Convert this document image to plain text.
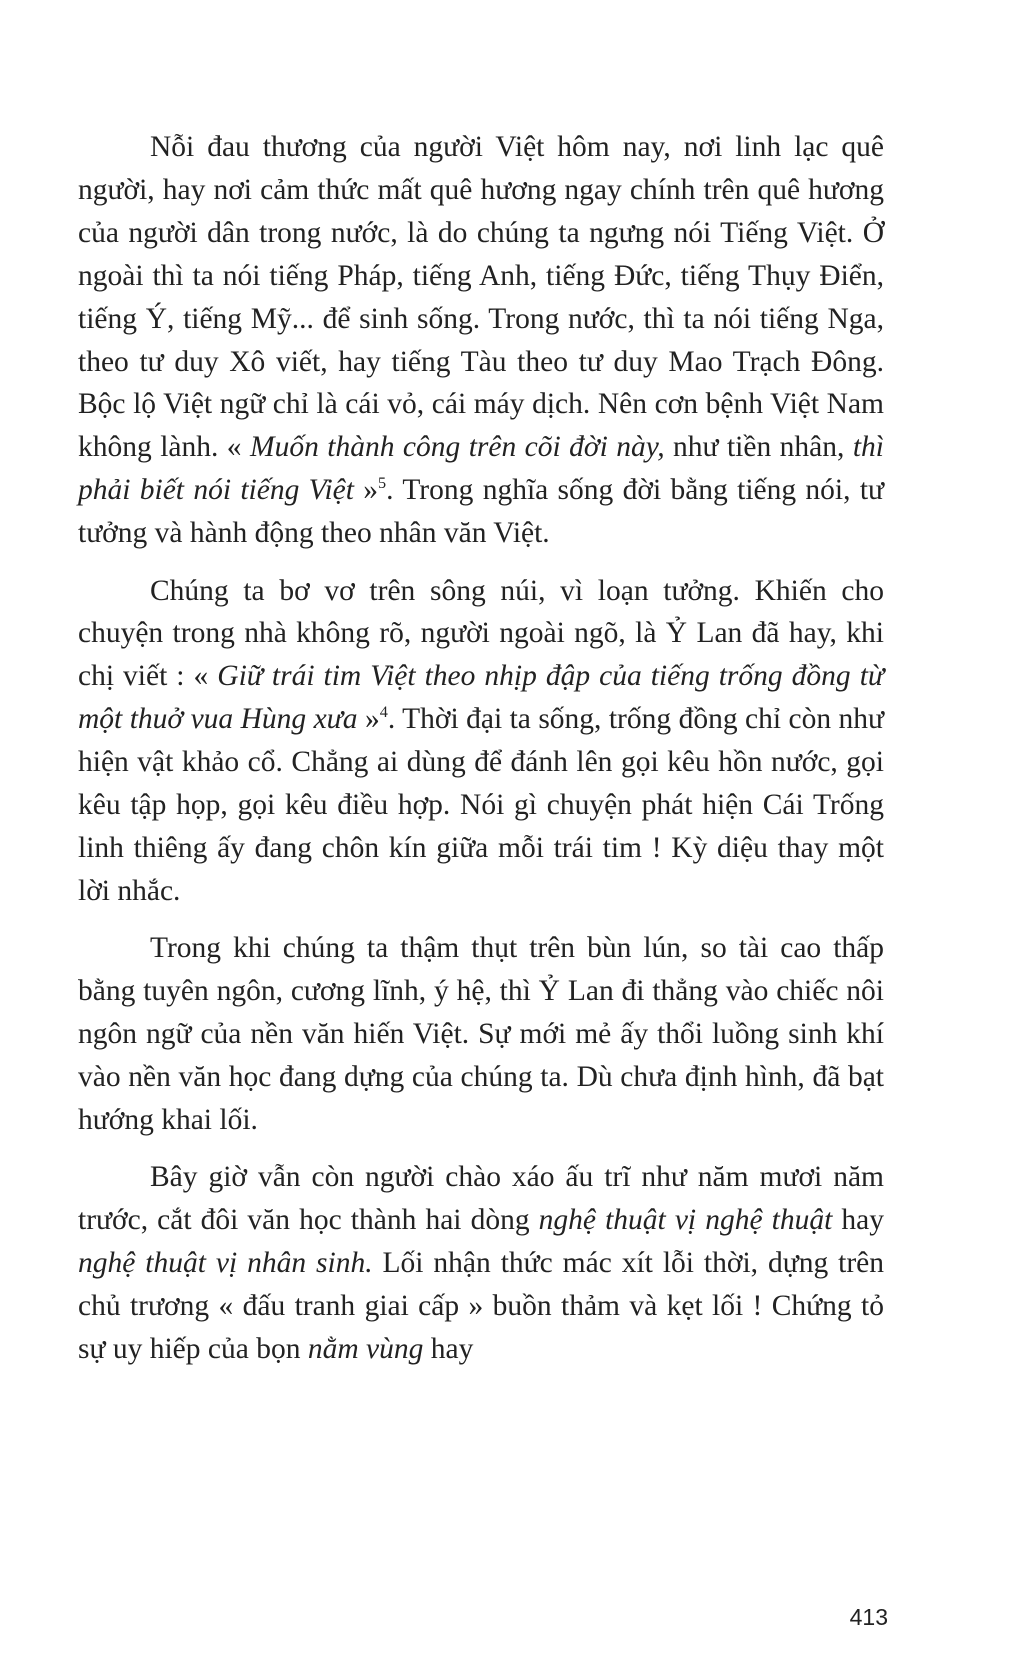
Nỗi đau thương của người Việt hôm nay, nơi linh lạc quê người, hay nơi cảm thức mất quê hương ngay chính trên quê hương của người dân trong nước, là do chúng ta ngưng nói Tiếng Việt. Ở ngoài thì ta nói tiếng Pháp, tiếng Anh, tiếng Đức, tiếng Thụy Điển, tiếng Ý, tiếng Mỹ... để sinh sống. Trong nước, thì ta nói tiếng Nga, theo tư duy Xô viết, hay tiếng Tàu theo tư duy Mao Trạch Đông. Bộc lộ Việt ngữ chỉ là cái vỏ, cái máy dịch. Nên cơn bệnh Việt Nam không lành. « Muốn thành công trên cõi đời này, như tiền nhân, thì phải biết nói tiếng Việt »$^5$. Trong nghĩa sống đời bằng tiếng nói, tư tưởng và hành động theo nhân văn Việt.

Chúng ta bơ vơ trên sông núi, vì loạn tưởng. Khiến cho chuyện trong nhà không rõ, người ngoài ngõ, là Ỷ Lan đã hay, khi chị viết : « Giữ trái tim Việt theo nhịp đập của tiếng trống đồng từ một thuở vua Hùng xưa »$^4$. Thời đại ta sống, trống đồng chỉ còn như hiện vật khảo cổ. Chẳng ai dùng để đánh lên gọi kêu hồn nước, gọi kêu tập họp, gọi kêu điều hợp. Nói gì chuyện phát hiện Cái Trống linh thiêng ấy đang chôn kín giữa mỗi trái tim ! Kỳ diệu thay một lời nhắc.

Trong khi chúng ta thậm thụt trên bùn lún, so tài cao thấp bằng tuyên ngôn, cương lĩnh, ý hệ, thì Ỷ Lan đi thẳng vào chiếc nôi ngôn ngữ của nền văn hiến Việt. Sự mới mẻ ấy thổi luồng sinh khí vào nền văn học đang dựng của chúng ta. Dù chưa định hình, đã bạt hướng khai lối.

Bây giờ vẫn còn người chào xáo ấu trĩ như năm mươi năm trước, cắt đôi văn học thành hai dòng nghệ thuật vị nghệ thuật hay nghệ thuật vị nhân sinh. Lối nhận thức mác xít lỗi thời, dựng trên chủ trương « đấu tranh giai cấp » buồn thảm và kẹt lối ! Chứng tỏ sự uy hiếp của bọn nằm vùng hay

413
